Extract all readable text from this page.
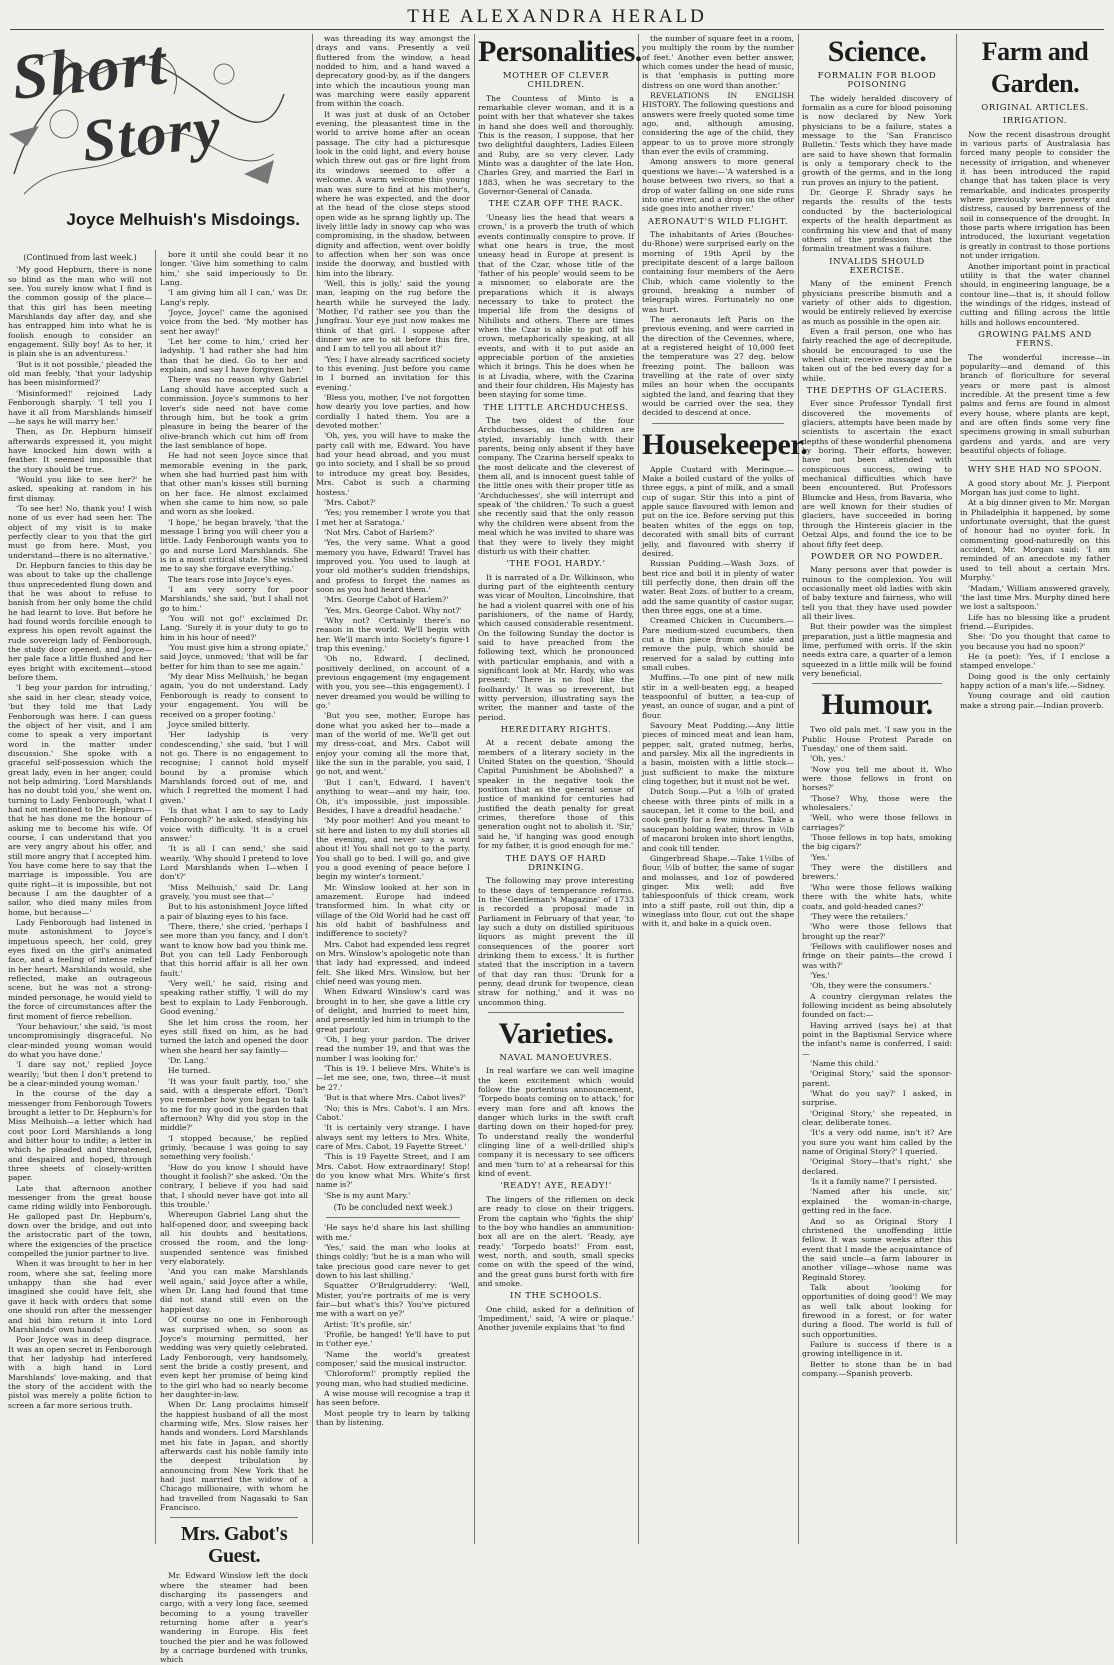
THE ALEXANDRA HERALD
Short
Story
Joyce Melhuish's Misdoings.
(Continued from last week.)

'My good Hepburn, there is none so blind as the man who will not see. You surely know what I find is the common gossip of the place—that this girl has been meeting Marshlands day after day, and she has entrapped him into what he is foolish enough to consider an engagement. Silly boy! As to her, it is plain she is an adventuress.'

'But is it not possible,' pleaded the old man feebly, 'that your ladyship has been misinformed?'

'Misinformed!' rejoined Lady Fenborough sharply. 'I tell you I have it all from Marshlands himself—he says he will marry her.'

Then, as Dr. Hepburn himself afterwards expressed it, you might have knocked him down with a feather. It seemed impossible that the story should be true.

'Would you like to see her?' he asked, speaking at random in his first dismay.

'To see her! No, thank you! I wish none of us ever had seen her. The object of my visit is to make perfectly clear to you that the girl must go from here. Must, you understand—there is no alternative.'

Dr. Hepburn fancies to this day he was about to take up the challenge thus unprecedented flung down and that he was about to refuse to banish from her only home the child he had learnt to love. But before he had found words forcible enough to express his open revolt against the rude sovereign lady of Fenborough, the study door opened, and Joyce—her pale face a little flushed and her eyes bright with excitement—stood before them.

'I beg your pardon for intruding,' she said in her clear, steady voice, 'but they told me that Lady Fenborough was here. I can guess the object of her visit, and I am come to speak a very important word in the matter under discussion.' She spoke with a graceful self-possession which the great lady, even in her anger, could not help admiring. 'Lord Marshlands has no doubt told you,' she went on, turning to Lady Fenborough, 'what I had not mentioned to Dr. Hepburn—that he has done me the honour of asking me to become his wife. Of course, I can understand that you are very angry about his offer, and still more angry that I accepted him. You have come here to say that the marriage is impossible. You are quite right—it is impossible, but not because I am the daughter of a sailor, who died many miles from home, but because—'

Lady Fenborough had listened in mute astonishment to Joyce's impetuous speech, her cold, grey eyes fixed on the girl's animated face, and a feeling of intense relief in her heart. Marshlands would, she reflected, make an outrageous scene, but he was not a strong-minded personage, he would yield to the force of circumstances after the first moment of fierce rebellion.

'Your behaviour,' she said, 'is most uncompromisingly disgraceful. No clear-minded young woman would do what you have done.'

'I dare say not,' replied Joyce wearily; 'but then I don't pretend to be a clear-minded young woman.'

In the course of the day a messenger from Fenborough Towers brought a letter to Dr. Hepburn's for Miss Melhuish—a letter which had cost poor Lord Marshlands a long and bitter hour to indite; a letter in which he pleaded and threatened, and despaired and hoped, through three sheets of closely-written paper.

Late that afternoon another messenger from the great house came riding wildly into Fenborough. He galloped past Dr. Hepburn's, down over the bridge, and out into the aristocratic part of the town, where the exigencies of the practice compelled the junior partner to live.

When it was brought to her in her room, where she sat, feeling more unhappy than she had ever imagined she could have felt, she gave it back with orders that some one should run after the messenger and bid him return it into Lord Marshlands' own hands!

Poor Joyce was in deep disgrace. It was an open secret in Fenborough that her ladyship had interfered with a high hand in Lord Marshlands' love-making, and that the story of the accident with the pistol was merely a polite fiction to screen a far more serious truth.

bore it until she could bear it no longer. 'Give him something to calm him,' she said imperiously to Dr. Lang.

'I am giving him all I can,' was Dr. Lang's reply.

'Joyce, Joyce!' came the agonised voice from the bed. 'My mother has sent her away!'

'Let her come to him,' cried her ladyship. 'I had rather she had him than that he died. Go to her and explain, and say I have forgiven her.'

There was no reason why Gabriel Lang should have accepted such a commission. Joyce's summons to her lover's side need not have come through him, but he took a grim pleasure in being the bearer of the olive-branch which cut him off from the last semblance of hope.

He had not seen Joyce since that memorable evening in the park, when she had hurried past him with that other man's kisses still burning on her face. He almost exclaimed when she came to him now, so pale and worn as she looked.

'I hope,' he began bravely, 'that the message I bring you will cheer you a little. Lady Fenborough wants you to go and nurse Lord Marshlands. She is in a most critical state. She wished me to say she forgave everything.'

The tears rose into Joyce's eyes.

'I am very sorry for poor Marshlands,' she said, 'but I shall not go to him.'

'You will not go!' exclaimed Dr. Lang. 'Surely it is your duty to go to him in his hour of need?'

'You must give him a strong opiate,' said Joyce, unmoved; 'that will be far better for him than to see me again.'

'My dear Miss Melhuish,' he began again, 'you do not understand. Lady Fenborough is ready to consent to your engagement. You will be received on a proper footing.'

Joyce smiled bitterly.

'Her ladyship is very condescending,' she said, 'but I will not go. There is no engagement to recognise; I cannot hold myself bound by a promise which Marshlands forced out of me, and which I regretted the moment I had given.'

'Is that what I am to say to Lady Fenborough?' he asked, steadying his voice with difficulty. 'It is a cruel answer.'

'It is all I can send,' she said wearily. 'Why should I pretend to love Lord Marshlands when I—when I don't?'

'Miss Melhuish,' said Dr. Lang gravely, 'you must see that—'

But to his astonishment Joyce lifted a pair of blazing eyes to his face.

'There, there,' she cried, 'perhaps I see more than you fancy, and I don't want to know how bad you think me. But you can tell Lady Fenborough that this horrid affair is all her own fault.'

'Very well,' he said, rising and speaking rather stiffly, 'I will do my best to explain to Lady Fenborough. Good evening.'

She let him cross the room, her eyes still fixed on him, as he had turned the latch and opened the door when she heard her say faintly—

'Dr. Lang.'

He turned.

'It was your fault partly, too,' she said, with a desperate effort. 'Don't you remember how you began to talk to me for my good in the garden that afternoon? Why did you stop in the middle?'

'I stopped because,' he replied grimly, 'because I was going to say something very foolish.'

'How do you know I should have thought it foolish?' she asked. 'On the contrary, I believe if you had said that, I should never have got into all this trouble.'

Whereupon Gabriel Lang shut the half-opened door, and sweeping back all his doubts and hesitations, crossed the room, and the long-suspended sentence was finished very elaborately.

'And you can make Marshlands well again,' said Joyce after a while, when Dr. Lang had found that time did not stand still even on the happiest day.

Of course no one in Fenborough was surprised when, so soon as Joyce's mourning permitted, her wedding was very quietly celebrated. Lady Fenborough, very handsomely, sent the bride a costly present, and even kept her promise of being kind to the girl who had so nearly become her daughter-in-law.

When Dr. Lang proclaims himself the happiest husband of all the most charming wife, Mrs. Slow raises her hands and wonders. Lord Marshlands met his fate in Japan, and shortly afterwards cast his noble family into the deepest tribulation by announcing from New York that he had just married the widow of a Chicago millionaire, with whom he had travelled from Nagasaki to San Francisco.

Mrs. Gabot's Guest.

Mr. Edward Winslow left the dock where the steamer had been discharging its passengers and cargo, with a very long face, seemed becoming to a young traveller returning home after a year's wandering in Europe. His feet touched the pier and he was followed by a carriage burdened with trunks, which

was threading its way amongst the drays and vans. Presently a veil fluttered from the window, a head nodded to him, and a hand waved a deprecatory good-by, as if the dangers into which the incautious young man was marching were easily apparent from within the coach.

It was just at dusk of an October evening, the pleasantest time in the world to arrive home after an ocean passage. The city had a picturesque look in the cold light, and every house which threw out gas or fire light from its windows seemed to offer a welcome. A warm welcome this young man was sure to find at his mother's, where he was expected, and the door at the head of the close steps stood open wide as he sprang lightly up. The lively little lady in snowy cap who was compromising, in the shadow, between dignity and affection, went over boldly to affection when her son was once inside the doorway, and bustled with him into the library.

'Well, this is jolly,' said the young man, leaping on the rug before the hearth while he surveyed the lady. 'Mother, I'd rather see you than the Jungfrau. Your eye just now makes me think of that girl. I suppose after dinner we are to sit before this fire, and I am to tell you all about it?'

'Yes; I have already sacrificed society to this evening. Just before you came in I burned an invitation for this evening.'

'Bless you, mother, I've not forgotten how dearly you love parties, and how cordially I hated them. You are a devoted mother.'

'Oh, yes, you will have to make the party call with me, Edward. You have had your head abroad, and you must go into society, and I shall be so proud to introduce my great boy. Besides, Mrs. Cabot is such a charming hostess.'

'Mrs. Cabot?'

'Yes; you remember I wrote you that I met her at Saratoga.'

'Not Mrs. Cabot of Harlem?'

'Yes, the very same. What a good memory you have, Edward! Travel has improved you. You used to laugh at your old mother's sudden friendships, and profess to forget the names as soon as you had heard them.'

'Mrs. George Cabot of Harlem?'

'Yes, Mrs. George Cabot. Why not?'

'Why not? Certainly there's no reason in the world. We'll begin with her. We'll march into Society's figure-1 trap this evening.'

'Oh no, Edward. I declined, positively declined, on account of a previous engagement (my engagement with you, you see—this engagement). I never dreamed you would be willing to go.'

'But you see, mother, Europe has done what you asked her to—made a man of the world of me. We'll get out my dress-coat, and Mrs. Cabot will enjoy your coming all the more that, like the sun in the parable, you said, I go not, and went.'

'But I can't, Edward. I haven't anything to wear—and my hair, too. Oh, it's impossible, just impossible. Besides, I have a dreadful headache.'

'My poor mother! And you meant to sit here and listen to my dull stories all the evening, and never say a word about it! You shall not go to the party. You shall go to bed. I will go, and give you a good evening of peace before I begin my winter's torment.'

Mr. Winslow looked at her son in amazement. Europe had indeed transformed him. In what city or village of the Old World had he cast off his old habit of bashfulness and indifference to society?

Mrs. Cabot had expended less regret on Mrs. Winslow's apologetic note than that lady had expressed, and indeed felt. She liked Mrs. Winslow, but her chief need was young men.

When Edward Winslow's card was brought in to her, she gave a little cry of delight, and hurried to meet him, and presently led him in triumph to the great parlour.

'Oh, I beg your pardon. The driver read the number 19, and that was the number I was looking for.'

'This is 19. I believe Mrs. White's is—let me see, one, two, three—it must be 27.'

'But is that where Mrs. Cabot lives?'

'No; this is Mrs. Cabot's. I am Mrs. Cabot.'

'It is certainly very strange. I have always sent my letters to Mrs. White, care of Mrs. Cabot, 19 Fayette Street.'

'This is 19 Fayette Street, and I am Mrs. Cabot. How extraordinary! Stop! do you know what Mrs. White's first name is?'

'She is my aunt Mary.'

(To be concluded next week.)

'He says he'd share his last shilling with me.'

'Yes,' said the man who looks at things coldly; 'but he is a man who will take precious good care never to get down to his last shilling.'

Squatter O'Brulgrudderry: 'Well, Mister, you're portraits of me is very fair—but what's this? You've pictured me with a wart on ye?'

Artist: 'It's profile, sir.'

'Profile, be hanged! Ye'll have to put in t'other eye.'

'Name the world's greatest composer,' said the musical instructor.

'Chloroform!' promptly replied the young man, who had studied medicine.

A wise mouse will recognise a trap it has seen before.

Most people try to learn by talking than by listening.

Personalities.
MOTHER OF CLEVER CHILDREN.

The Countess of Minto is a remarkable clever woman, and it is a point with her that whatever she takes in hand she does well and thoroughly. This is the reason, I suppose, that her two delightful daughters, Ladies Eileen and Ruby, are so very clever. Lady Minto was a daughter of the late Hon. Charles Grey, and married the Earl in 1883, when he was secretary to the Governor-General of Canada.

THE CZAR OFF THE RACK.

'Uneasy lies the head that wears a crown,' is a proverb the truth of which events continually conspire to prove. If what one hears is true, the most uneasy head in Europe at present is that of the Czar, whose title of the 'father of his people' would seem to be a misnomer, so elaborate are the preparations which it is always necessary to take to protect the imperial life from the designs of Nihilists and others. There are times when the Czar is able to put off his crown, metaphorically speaking, at all events, and with it to put aside an appreciable portion of the anxieties which it brings. This he does when he is at Livadia, where, with the Czarina and their four children, His Majesty has been staying for some time.

THE LITTLE ARCHDUCHESS.

The two oldest of the four Archduchesses, as the children are styled, invariably lunch with their parents, being only absent if they have company. The Czarina herself speaks to the most delicate and the cleverest of them all, and is innocent guest table of the little ones with their proper title as 'Archduchesses', she will interrupt and speak of 'the children.' To such a guest she recently said that the only reason why the children were absent from the meal which he was invited to share was that they were to lively they might disturb us with their chatter.

'THE FOOL HARDY.'

It is narrated of a Dr. Wilkinson, who during part of the eighteenth century was vicar of Moulton, Lincolnshire, that he had a violent quarrel with one of his parishioners, of the name of Hardy, which caused considerable resentment. On the following Sunday the doctor is said to have preached from the following text, which he pronounced with particular emphasis, and with a significant look at Mr. Hardy, who was present: 'There is no fool like the foolhardy.' It was so irreverent, but witty perversion, illustrating says the writer, the manner and taste of the period.

HEREDITARY RIGHTS.

At a recent debate among the members of a literary society in the United States on the question, 'Should Capital Punishment be Abolished?' a speaker in the negative took the position that as the general sense of justice of mankind for centuries had justified the death penalty for great crimes, therefore those of this generation ought not to abolish it. 'Sir,' said he, 'if hanging was good enough for my father, it is good enough for me.'

THE DAYS OF HARD DRINKING.

The following may prove interesting to these days of temperance reforms. In the 'Gentleman's Magazine' of 1733 is recorded a proposal made in Parliament in February of that year, 'to lay such a duty on distilled spirituous liquors as might prevent the ill consequences of the poorer sort drinking them to excess.' It is further stated that the inscription in a tavern of that day ran thus: 'Drunk for a penny, dead drunk for twopence, clean straw for nothing,' and it was no uncommon thing.

Varieties.
NAVAL MANOEUVRES.

In real warfare we can well imagine the keen excitement which would follow the portentous announcement, 'Torpedo boats coming on to attack,' for every man fore and aft knows the danger which lurks in the swift craft darting down on their hoped-for prey. To understand really the wonderful clinging line of a well-drilled ship's company it is necessary to see officers and men 'turn to' at a rehearsal for this kind of event.

'READY! AYE, READY!'

The lingers of the riflemen on deck are ready to close on their triggers. From the captain who 'fights the ship' to the boy who handles an ammunition-box all are on the alert. 'Ready, aye ready.' 'Torpedo boats!' From east, west, north, and south, small specks come on with the speed of the wind, and the great guns burst forth with fire and smoke.

IN THE SCHOOLS.

One child, asked for a definition of 'Impediment,' said, 'A wire or plaque.' Another juvenile explains that 'to find

the number of square feet in a room, you multiply the room by the number of feet.' Another even better answer, which comes under the head of music, is that 'emphasis is putting more distress on one word than another.'

REVELATIONS IN ENGLISH HISTORY. The following questions and answers were freely quoted some time ago, and, although amusing, considering the age of the child, they appear to us to prove more strongly than ever the evils of cramming.

Among answers to more general questions we have:—'A watershed is a house between two rivers, so that a drop of water falling on one side runs into one river, and a drop on the other side goes into another river.'

AERONAUT'S WILD FLIGHT.

The inhabitants of Aries (Bouches-du-Rhone) were surprised early on the morning of 19th April by the precipitate descent of a large balloon containing four members of the Aero Club, which came violently to the ground, breaking a number of telegraph wires. Fortunately no one was hurt.

The aeronauts left Paris on the previous evening, and were carried in the direction of the Cevennes, where, at a registered height of 10,000 feet the temperature was 27 deg. below freezing point. The balloon was travelling at the rate of over sixty miles an hour when the occupants sighted the land, and fearing that they would be carried over the sea, they decided to descend at once.

Housekeeper.

Apple Custard with Meringue.—Make a boiled custard of the yolks of three eggs, a pint of milk, and a small cup of sugar. Stir this into a pint of apple sauce flavoured with lemon and put on the ice. Before serving put this beaten whites of the eggs on top, decorated with small bits of currant jelly, and flavoured with sherry if desired.

Russian Pudding.—Wash 3ozs. of best rice and boil it in plenty of water till perfectly done, then drain off the water. Beat 2ozs. of butter to a cream, add the same quantity of castor sugar, then three eggs, one at a time.

Creamed Chicken in Cucumbers.—Pare medium-sized cucumbers, then cut a thin piece from one side and remove the pulp, which should be reserved for a salad by cutting into small cubes.

Muffins.—To one pint of new milk stir in a well-beaten egg, a heaped teaspoonful of butter, a tea-cup of yeast, an ounce of sugar, and a pint of flour.

Savoury Meat Pudding.—Any little pieces of minced meat and lean ham, pepper, salt, grated nutmeg, herbs, and parsley. Mix all the ingredients in a basin, moisten with a little stock—just sufficient to make the mixture cling together, but it must not be wet.

Dutch Soup.—Put a ½lb of grated cheese with three pints of milk in a saucepan, let it come to the boil, and cook gently for a few minutes. Take a saucepan holding water, throw in ½lb of macaroni broken into short lengths, and cook till tender.

Gingerbread Shape.—Take 1½lbs of flour, ½lb of butter, the same of sugar and molasses, and 1oz of powdered ginger. Mix well; add five tablespoonfuls of thick cream, work into a stiff paste, roll out thin, dip a wineglass into flour, cut out the shape with it, and bake in a quick oven.

Science.
FORMALIN FOR BLOOD POISONING

The widely heralded discovery of formalin as a cure for blood poisoning is now declared by New York physicians to be a failure, states a message to the 'San Francisco Bulletin.' Tests which they have made are said to have shown that formalin is only a temporary check to the growth of the germs, and in the long run proves an injury to the patient.

Dr. George F. Shrady says he regards the results of the tests conducted by the bacteriological experts of the health department as confirming his view and that of many others of the profession that the formalin treatment was a failure.

INVALIDS SHOULD EXERCISE.

Many of the eminent French physicians prescribe bismuth and a variety of other aids to digestion, would be entirely relieved by exercise as much as possible in the open air.

Even a frail person, one who has fairly reached the age of decrepitude, should be encouraged to use the wheel chair, receive massage and be taken out of the bed every day for a while.

THE DEPTHS OF GLACIERS.

Ever since Professor Tyndall first discovered the movements of glaciers, attempts have been made by scientists to ascertain the exact depths of these wonderful phenomena by boring. Their efforts, however, have not been attended with conspicuous success, owing to mechanical difficulties which have been encountered. But Professors Blumcke and Hess, from Bavaria, who are well known for their studies of glaciers, have succeeded in boring through the Hintereis glacier in the Oetzal Alps, and found the ice to be about fifty feet deep.

POWDER OR NO POWDER.

Many persons aver that powder is ruinous to the complexion. You will occasionally meet old ladies with skin of baby texture and fairness, who will tell you that they have used powder all their lives.

But their powder was the simplest preparation, just a little magnesia and lime, perfumed with orris. If the skin needs extra care, a quarter of a lemon squeezed in a little milk will be found very beneficial.

Humour.

Two old pals met. 'I saw you in the Public House Protest Parade on Tuesday,' one of them said.

'Oh, yes.'

'Now you tell me about it. Who were those fellows in front on horses?'

'Those? Why, those were the wholesalers.'

'Well, who were those fellows in carriages?'

'Those fellows in top hats, smoking the big cigars?'

'Yes.'

'They were the distillers and brewers.'

'Who were those fellows walking there with the white hats, white coats, and gold-headed canes?'

'They were the retailers.'

'Who were those fellows that brought up the rear?'

'Fellows with cauliflower noses and fringe on their paints—the crowd I was with?'

'Yes.'

'Oh, they were the consumers.'

A country clergyman relates the following incident as being absolutely founded on fact:—

Having arrived (says he) at that point in the Baptismal Service where the infant's name is conferred, I said:—

'Name this child.'

'Original Story,' said the sponsor-parent.

'What do you say?' I asked, in surprise.

'Original Story,' she repeated, in clear, deliberate tones.

'It's a very odd name, isn't it? Are you sure you want him called by the name of Original Story?' I queried.

'Original Story—that's right,' she declared.

'Is it a family name?' I persisted.

'Named after his uncle, sir,' explained the woman-in-charge, getting red in the face.

And so as Original Story I christened the unoffending little fellow. It was some weeks after this event that I made the acquaintance of the said uncle—a farm labourer in another village—whose name was Reginald Storey.

Talk about 'looking for opportunities of doing good'! We may as well talk about looking for firewood in a forest, or for water during a flood. The world is full of such opportunities.

Failure is success if there is a growing intelligence in it.

Better to stone than be in bad company.—Spanish proverb.

Farm and Garden.
ORIGINAL ARTICLES.
IRRIGATION.

Now the recent disastrous drought in various parts of Australasia has forced many people to consider the necessity of irrigation, and whenever it has been introduced the rapid change that has taken place is very remarkable, and indicates prosperity where previously were poverty and distress, caused by barrenness of the soil in consequence of the drought. In those parts where irrigation has been introduced, the luxuriant vegetation is greatly in contrast to those portions not under irrigation.

Another important point in practical utility is that the water channel should, in engineering language, be a contour line—that is, it should follow the windings of the ridges, instead of cutting and filling across the little hills and hollows encountered.

GROWING PALMS AND FERNS.

The wonderful increase—in popularity—and demand of this branch of floriculture for several years or more past is almost incredible. At the present time a few palms and ferns are found in almost every house, where plants are kept, and are often finds some very fine specimens growing in small suburban gardens and yards, and are very beautiful objects of foliage.

WHY SHE HAD NO SPOON.

A good story about Mr. J. Pierpont Morgan has just come to light.

At a big dinner given to Mr. Morgan in Philadelphia it happened, by some unfortunate oversight, that the guest of honour had no oyster fork. In commenting good-naturedly on this accident, Mr. Morgan said: 'I am reminded of an anecdote my father used to tell about a certain Mrs. Murphy.'

'Madam,' William answered gravely, 'the last time Mrs. Murphy dined here we lost a saltspoon.'

Life has no blessing like a prudent friend.—Euripides.

She: 'Do you thought that came to you because you had no spoon?'

He (a poet): 'Yes, if I enclose a stamped envelope.'

Doing good is the only certainly happy action of a man's life.—Sidney.

Young courage and old caution make a strong pair.—Indian proverb.
